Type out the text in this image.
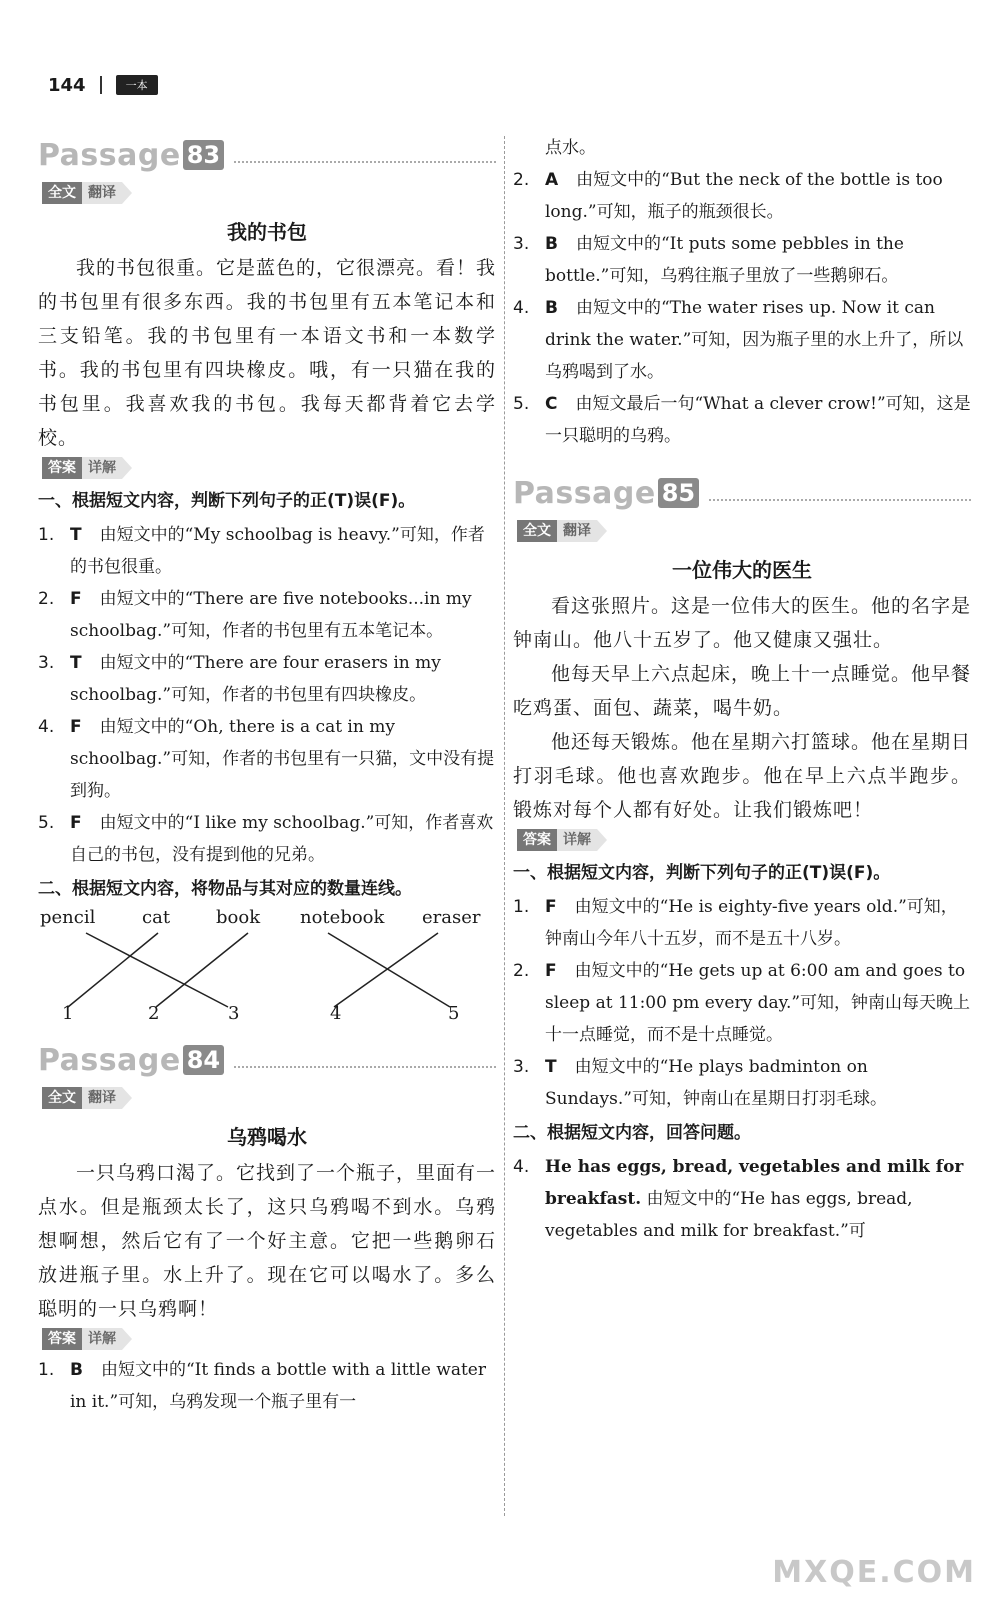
144	一本
Passage 83
全文 翻译
我的书包

我的书包很重。它是蓝色的，它很漂亮。看！我的书包里有很多东西。我的书包里有五本笔记本和三支铅笔。我的书包里有一本语文书和一本数学书。我的书包里有四块橡皮。哦，有一只猫在我的书包里。我喜欢我的书包。我每天都背着它去学校。

答案 详解
一、根据短文内容，判断下列句子的正(T)误(F)。

1. T 由短文中的“My schoolbag is heavy.”可知，作者的书包很重。

2. F 由短文中的“There are five notebooks...in my schoolbag.”可知，作者的书包里有五本笔记本。

3. T 由短文中的“There are four erasers in my schoolbag.”可知，作者的书包里有四块橡皮。

4. F 由短文中的“Oh, there is a cat in my schoolbag.”可知，作者的书包里有一只猫，文中没有提到狗。

5. F 由短文中的“I like my schoolbag.”可知，作者喜欢自己的书包，没有提到他的兄弟。

二、根据短文内容，将物品与其对应的数量连线。
pencil	cat	book notebook eraser
1	2	3	4	5
Passage 84
全文 翻译
乌鸦喝水

一只乌鸦口渴了。它找到了一个瓶子，里面有一点水。但是瓶颈太长了，这只乌鸦喝不到水。乌鸦想啊想，然后它有了一个好主意。它把一些鹅卵石放进瓶子里。水上升了。现在它可以喝水了。多么聪明的一只乌鸦啊！

答案 详解

1. B 由短文中的“It finds a bottle with a little water in it.”可知，乌鸦发现一个瓶子里有一

点水。

2. A 由短文中的“But the neck of the bottle is too long.”可知，瓶子的瓶颈很长。

3. B 由短文中的“It puts some pebbles in the bottle.”可知，乌鸦往瓶子里放了一些鹅卵石。

4. B 由短文中的“The water rises up. Now it can drink the water.”可知，因为瓶子里的水上升了，所以乌鸦喝到了水。

5. C 由短文最后一句“What a clever crow!”可知，这是一只聪明的乌鸦。

Passage 85
全文 翻译
一位伟大的医生

看这张照片。这是一位伟大的医生。他的名字是钟南山。他八十五岁了。他又健康又强壮。

他每天早上六点起床，晚上十一点睡觉。他早餐吃鸡蛋、面包、蔬菜，喝牛奶。

他还每天锻炼。他在星期六打篮球。他在星期日打羽毛球。他也喜欢跑步。他在早上六点半跑步。锻炼对每个人都有好处。让我们锻炼吧！

答案 详解
一、根据短文内容，判断下列句子的正(T)误(F)。

1. F 由短文中的“He is eighty-five years old.”可知，钟南山今年八十五岁，而不是五十八岁。

2. F 由短文中的“He gets up at 6:00 am and goes to sleep at 11:00 pm every day.”可知，钟南山每天晚上十一点睡觉，而不是十点睡觉。

3. T 由短文中的“He plays badminton on Sundays.”可知，钟南山在星期日打羽毛球。

二、根据短文内容，回答问题。

4. He has eggs, bread, vegetables and milk for breakfast. 由短文中的“He has eggs, bread, vegetables and milk for breakfast.”可

MXQE.COM
